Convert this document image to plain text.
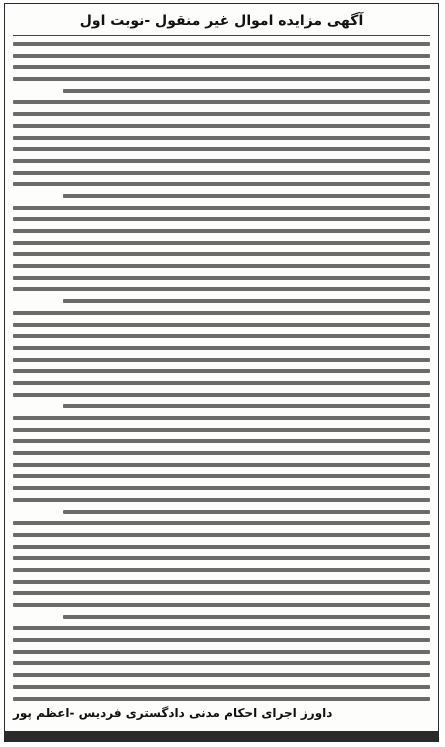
آگهی مزایده اموال غیر منقول -نوبت اول
داورز اجرای احکام مدنی دادگستری فردیس -اعظم پور
